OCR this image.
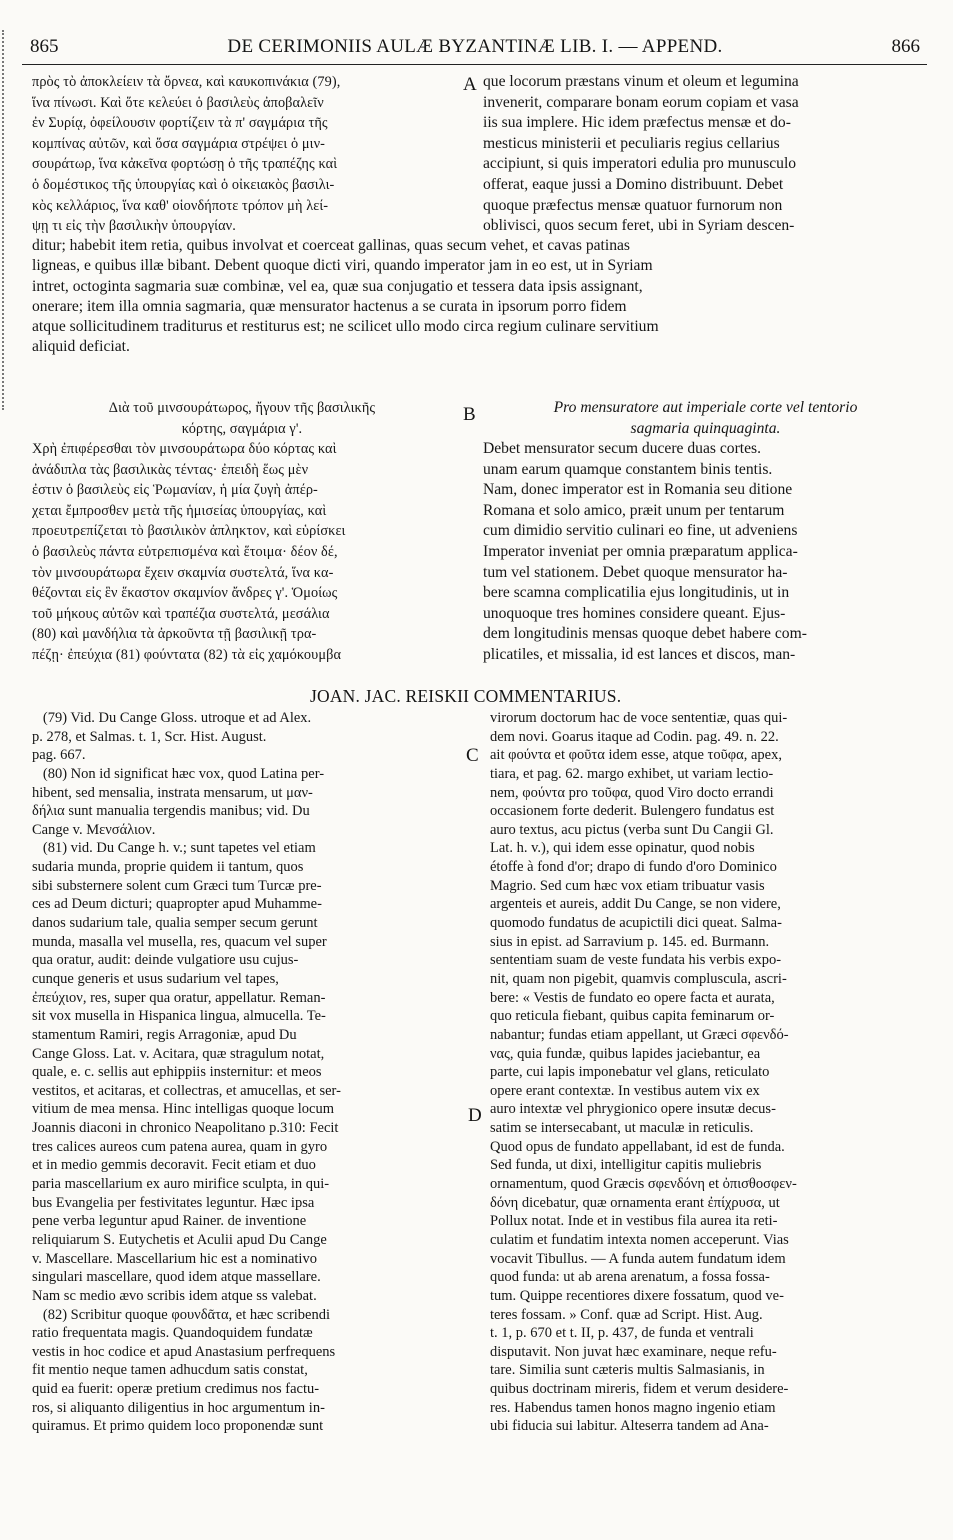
865	DE CERIMONIIS AULÆ BYZANTINÆ LIB. I. — APPEND.	866
πρὸς τὸ ἀποκλείειν τὰ ὄρνεα, καὶ καυκοπινάκια (79),
ἵνα πίνωσι. Καὶ ὅτε κελεύει ὁ βασιλεὺς ἀποβαλεῖν
ἐν Συρίᾳ, ὀφείλουσιν φορτίζειν τὰ π' σαγμάρια τῆς
κομπίνας αὐτῶν, καὶ ὅσα σαγμάρια στρέψει ὁ μιν-
σουράτωρ, ἵνα κἀκεῖνα φορτώσῃ ὁ τῆς τραπέζης καὶ
ὁ δομέστικος τῆς ὑπουργίας καὶ ὁ οἰκειακὸς βασιλι-
κὸς κελλάριος, ἵνα καθ' οἱονδήποτε τρόπον μὴ λεί-
ψῃ τι εἰς τὴν βασιλικὴν ὑπουργίαν.
A que locorum præstans vinum et oleum et legumina
invenerit, comparare bonam eorum copiam et vasa
iis sua implere. Hic idem præfectus mensæ et do-
mesticus ministerii et peculiaris regius cellarius
accipiunt, si quis imperatori edulia pro munusculo
offerat, eaque jussi a Domino distribuunt. Debet
quoque præfectus mensæ quatuor furnorum non
oblivisci, quos secum feret, ubi in Syriam descen-
ditur; habebit item retia, quibus involvat et coerceat gallinas, quas secum vehet, et cavas patinas
ligneas, e quibus illæ bibant. Debent quoque dicti viri, quando imperator jam in eo est, ut in Syriam
intret, octoginta sagmaria suæ combinæ, vel ea, quæ sua conjugatio et tessera data ipsis assignant,
onerare; item illa omnia sagmaria, quæ mensurator hactenus a se curata in ipsorum porro fidem
atque sollicitudinem traditurus et restiturus est; ne scilicet ullo modo circa regium culinare servitium
aliquid deficiat.
Διὰ τοῦ μινσουράτωρος, ἤγουν τῆς βασιλικῆς
κόρτης, σαγμάρια γ'.
B	Pro mensuratore aut imperiale corte vel tentorio
sagmaria quinquaginta.
Χρὴ ἐπιφέρεσθαι τὸν μινσουράτωρα δύο κόρτας καὶ
ἀνάδιπλα τὰς βασιλικὰς τέντας· ἐπειδὴ ἕως μὲν
ἐστιν ὁ βασιλεὺς εἰς Ῥωμανίαν, ἡ μία ζυγὴ ἀπέρ-
χεται ἔμπροσθεν μετὰ τῆς ἡμισείας ὑπουργίας, καὶ
προευτρεπίζεται τὸ βασιλικὸν ἀπληκτον, καὶ εὑρίσκει
ὁ βασιλεὺς πάντα εὐτρεπισμένα καὶ ἕτοιμα· δέον δέ,
τὸν μινσουράτωρα ἔχειν σκαμνία συστελτά, ἵνα κα-
θέζονται εἰς ἓν ἕκαστον σκαμνίον ἄνδρες γ'. Ὁμοίως
τοῦ μήκους αὐτῶν καὶ τραπέζια συστελτά, μεσάλια
(80) καὶ μανδήλια τὰ ἀρκοῦντα τῇ βασιλικῇ τρα-
πέζῃ· ἐπεύχια (81) φούντατα (82) τὰ εἰς χαμόκουμβα
Debet mensurator secum ducere duas cortes.
unam earum quamque constantem binis tentis.
Nam, donec imperator est in Romania seu ditione
Romana et solo amico, præit unum per tentarum
cum dimidio servitio culinari eo fine, ut adveniens
Imperator inveniat per omnia præparatum applica-
tum vel stationem. Debet quoque mensurator ha-
bere scamna complicatilia ejus longitudinis, ut in
unoquoque tres homines considere queant. Ejus-
dem longitudinis mensas quoque debet habere com-
plicatiles, et missalia, id est lances et discos, man-
JOAN. JAC. REISKII COMMENTARIUS.
(79) Vid. Du Cange Gloss. utroque et ad Alex.
p. 278, et Salmas. t. 1, Scr. Hist. August.
pag. 667.
(80) Non id significat hæc vox, quod Latina per-
hibent, sed mensalia, instrata mensarum, ut μαν-
δήλια sunt manualia tergendis manibus; vid. Du
Cange v. Μενσάλιον.
(81) vid. Du Cange h. v.; sunt tapetes vel etiam
sudaria munda, proprie quidem ii tantum, quos
sibi substernere solent cum Græci tum Turcæ pre-
ces ad Deum dicturi; quapropter apud Muhamme-
danos sudarium tale, qualia semper secum gerunt
munda, masalla vel musella, res, quacum vel super
qua oratur, audit: deinde vulgatiore usu cujus-
cunque generis et usus sudarium vel tapes,
ἐπεύχιον, res, super qua oratur, appellatur. Reman-
sit vox musella in Hispanica lingua, almucella. Te-
stamentum Ramiri, regis Arragoniæ, apud Du
Cange Gloss. Lat. v. Acitara, quæ stragulum notat,
quale, e. c. sellis aut ephippiis insternitur: et meos
vestitos, et acitaras, et collectras, et amucellas, et ser-
vitium de mea mensa. Hinc intelligas quoque locum
Joannis diaconi in chronico Neapolitano p.310: Fecit
tres calices aureos cum patena aurea, quam in gyro
et in medio gemmis decoravit. Fecit etiam et duo
paria mascellarium ex auro mirifice sculpta, in qui-
bus Evangelia per festivitates leguntur. Hæc ipsa
pene verba leguntur apud Rainer. de inventione
reliquiarum S. Eutychetis et Aculii apud Du Cange
v. Mascellare. Mascellarium hic est a nominativo
singulari mascellare, quod idem atque massellare.
Nam sc medio ævo scribis idem atque ss valebat.
(82) Scribitur quoque φουνδᾶτα, et hæc scribendi
ratio frequentata magis. Quandoquidem fundatæ
vestis in hoc codice et apud Anastasium perfrequens
fit mentio neque tamen adhucdum satis constat,
quid ea fuerit: operæ pretium credimus nos factu-
ros, si aliquanto diligentius in hoc argumentum in-
quiramus. Et primo quidem loco proponendæ sunt
C
D
virorum doctorum hac de voce sententiæ, quas qui-
dem novi. Goarus itaque ad Codin. pag. 49. n. 22.
ait φούντα et φοῦτα idem esse, atque τοῦφα, apex,
tiara, et pag. 62. margo exhibet, ut variam lectio-
nem, φούντα pro τοῦφα, quod Viro docto errandi
occasionem forte dederit. Bulengero fundatus est
auro textus, acu pictus (verba sunt Du Cangii Gl.
Lat. h. v.), qui idem esse opinatur, quod nobis
étoffe à fond d'or; drapo di fundo d'oro Dominico
Magrio. Sed cum hæc vox etiam tribuatur vasis
argenteis et aureis, addit Du Cange, se non videre,
quomodo fundatus de acupictili dici queat. Salma-
sius in epist. ad Sarravium p. 145. ed. Burmann.
sententiam suam de veste fundata his verbis expo-
nit, quam non pigebit, quamvis compluscula, ascri-
bere: « Vestis de fundato eo opere facta et aurata,
quo reticula fiebant, quibus capita feminarum or-
nabantur; fundas etiam appellant, ut Græci σφενδό-
νας, quia fundæ, quibus lapides jaciebantur, ea
parte, cui lapis imponebatur vel glans, reticulato
opere erant contextæ. In vestibus autem vix ex
auro intextæ vel phrygionico opere insutæ decus-
satim se intersecabant, ut maculæ in reticulis.
Quod opus de fundato appellabant, id est de funda.
Sed funda, ut dixi, intelligitur capitis muliebris
ornamentum, quod Græcis σφενδόνη et ὀπισθοσφεν-
δόνη dicebatur, quæ ornamenta erant ἐπίχρυσα, ut
Pollux notat. Inde et in vestibus fila aurea ita reti-
culatim et fundatim intexta nomen acceperunt. Vias
vocavit Tibullus. — A funda autem fundatum idem
quod funda: ut ab arena arenatum, a fossa fossa-
tum. Quippe recentiores dixere fossatum, quod ve-
teres fossam. » Conf. quæ ad Script. Hist. Aug.
t. 1, p. 670 et t. II, p. 437, de funda et ventrali
disputavit. Non juvat hæc examinare, neque refu-
tare. Similia sunt cæteris multis Salmasianis, in
quibus doctrinam mireris, fidem et verum desidere-
res. Habendus tamen honos magno ingenio etiam
ubi fiducia sui labitur. Alteserra tandem ad Ana-
